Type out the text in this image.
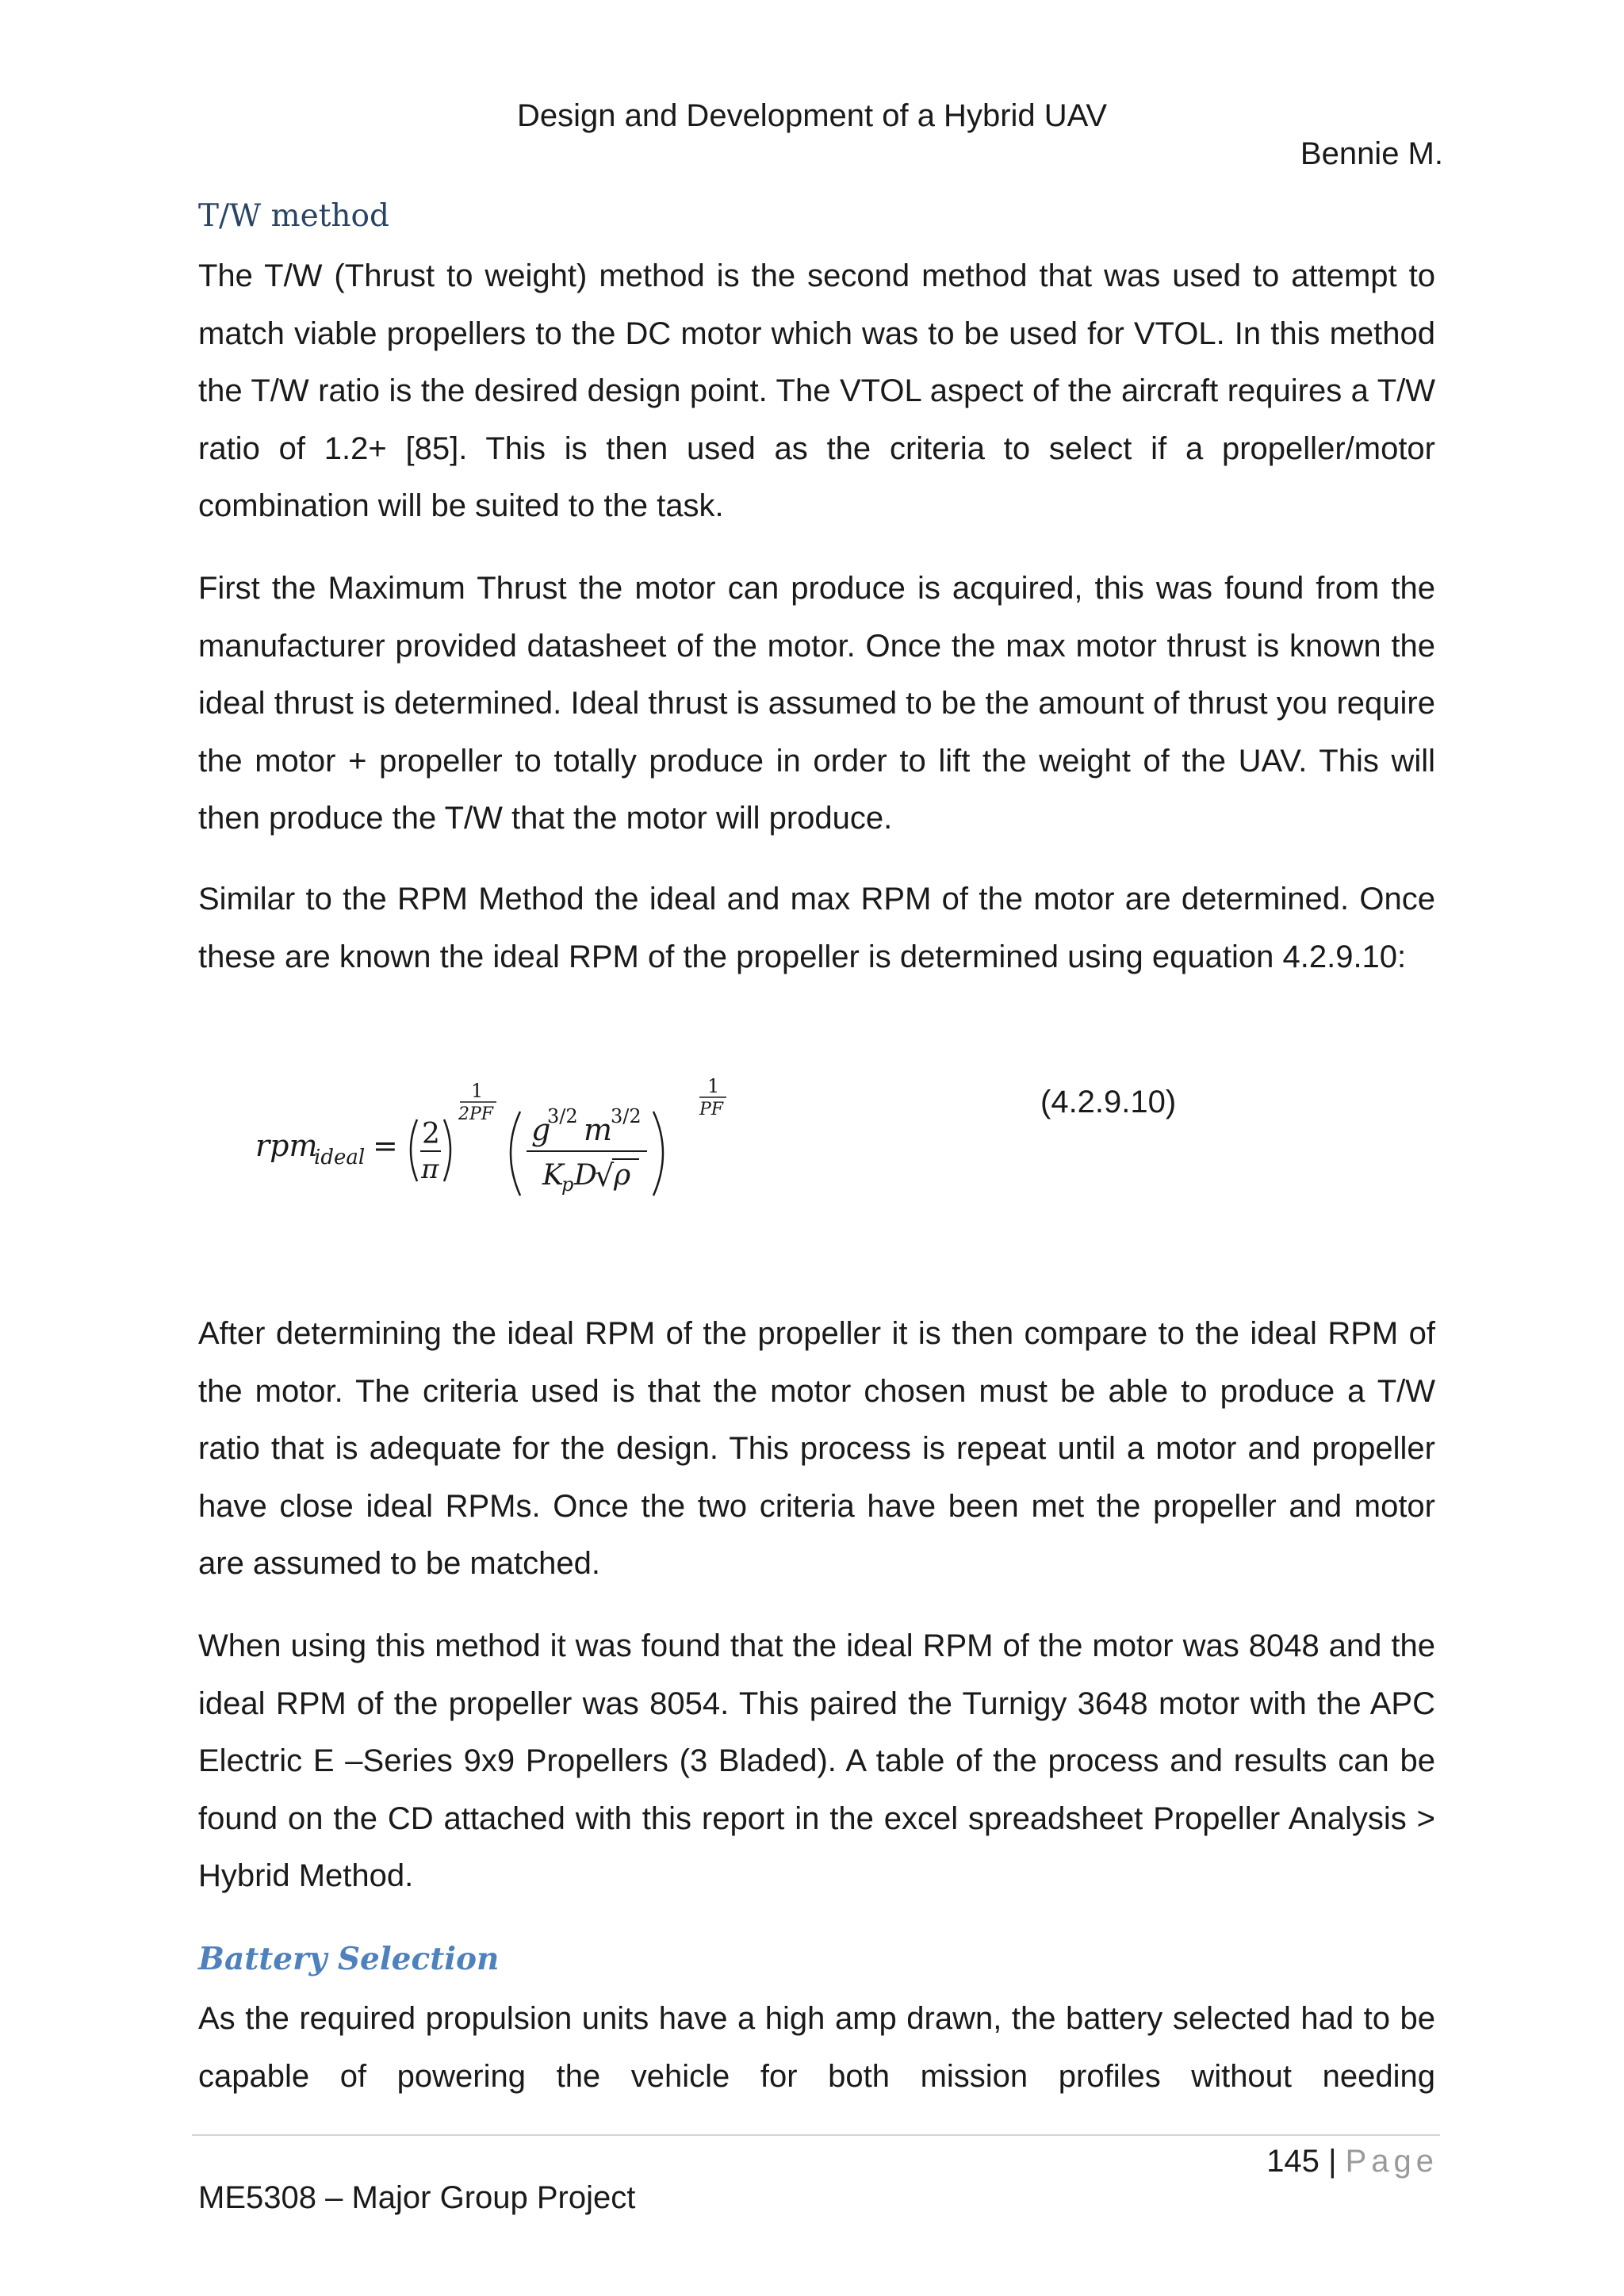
Design and Development of a Hybrid UAV
Bennie M.
T/W method

The T/W (Thrust to weight) method is the second method that was used to attempt to match viable propellers to the DC motor which was to be used for VTOL. In this method the T/W ratio is the desired design point. The VTOL aspect of the aircraft requires a T/W ratio of 1.2+ [85]. This is then used as the criteria to select if a propeller/motor combination will be suited to the task.

First the Maximum Thrust the motor can produce is acquired, this was found from the manufacturer provided datasheet of the motor. Once the max motor thrust is known the ideal thrust is determined. Ideal thrust is assumed to be the amount of thrust you require the motor + propeller to totally produce in order to lift the weight of the UAV. This will then produce the T/W that the motor will produce.

Similar to the RPM Method the ideal and max RPM of the motor are determined. Once these are known the ideal RPM of the propeller is determined using equation 4.2.9.10:

rpm
ideal = 2
π
1
2PF g
3/2 m
3/2
K
p D
√ ρ
1
PF	(4.2.9.10)

After determining the ideal RPM of the propeller it is then compare to the ideal RPM of the motor. The criteria used is that the motor chosen must be able to produce a T/W ratio that is adequate for the design. This process is repeat until a motor and propeller have close ideal RPMs. Once the two criteria have been met the propeller and motor are assumed to be matched.

When using this method it was found that the ideal RPM of the motor was 8048 and the ideal RPM of the propeller was 8054. This paired the Turnigy 3648 motor with the APC Electric E –Series 9x9 Propellers (3 Bladed). A table of the process and results can be found on the CD attached with this report in the excel spreadsheet Propeller Analysis > Hybrid Method.

Battery Selection

As the required propulsion units have a high amp drawn, the battery selected had to be capable of powering the vehicle for both mission profiles without needing

145 | Page
ME5308 – Major Group Project
